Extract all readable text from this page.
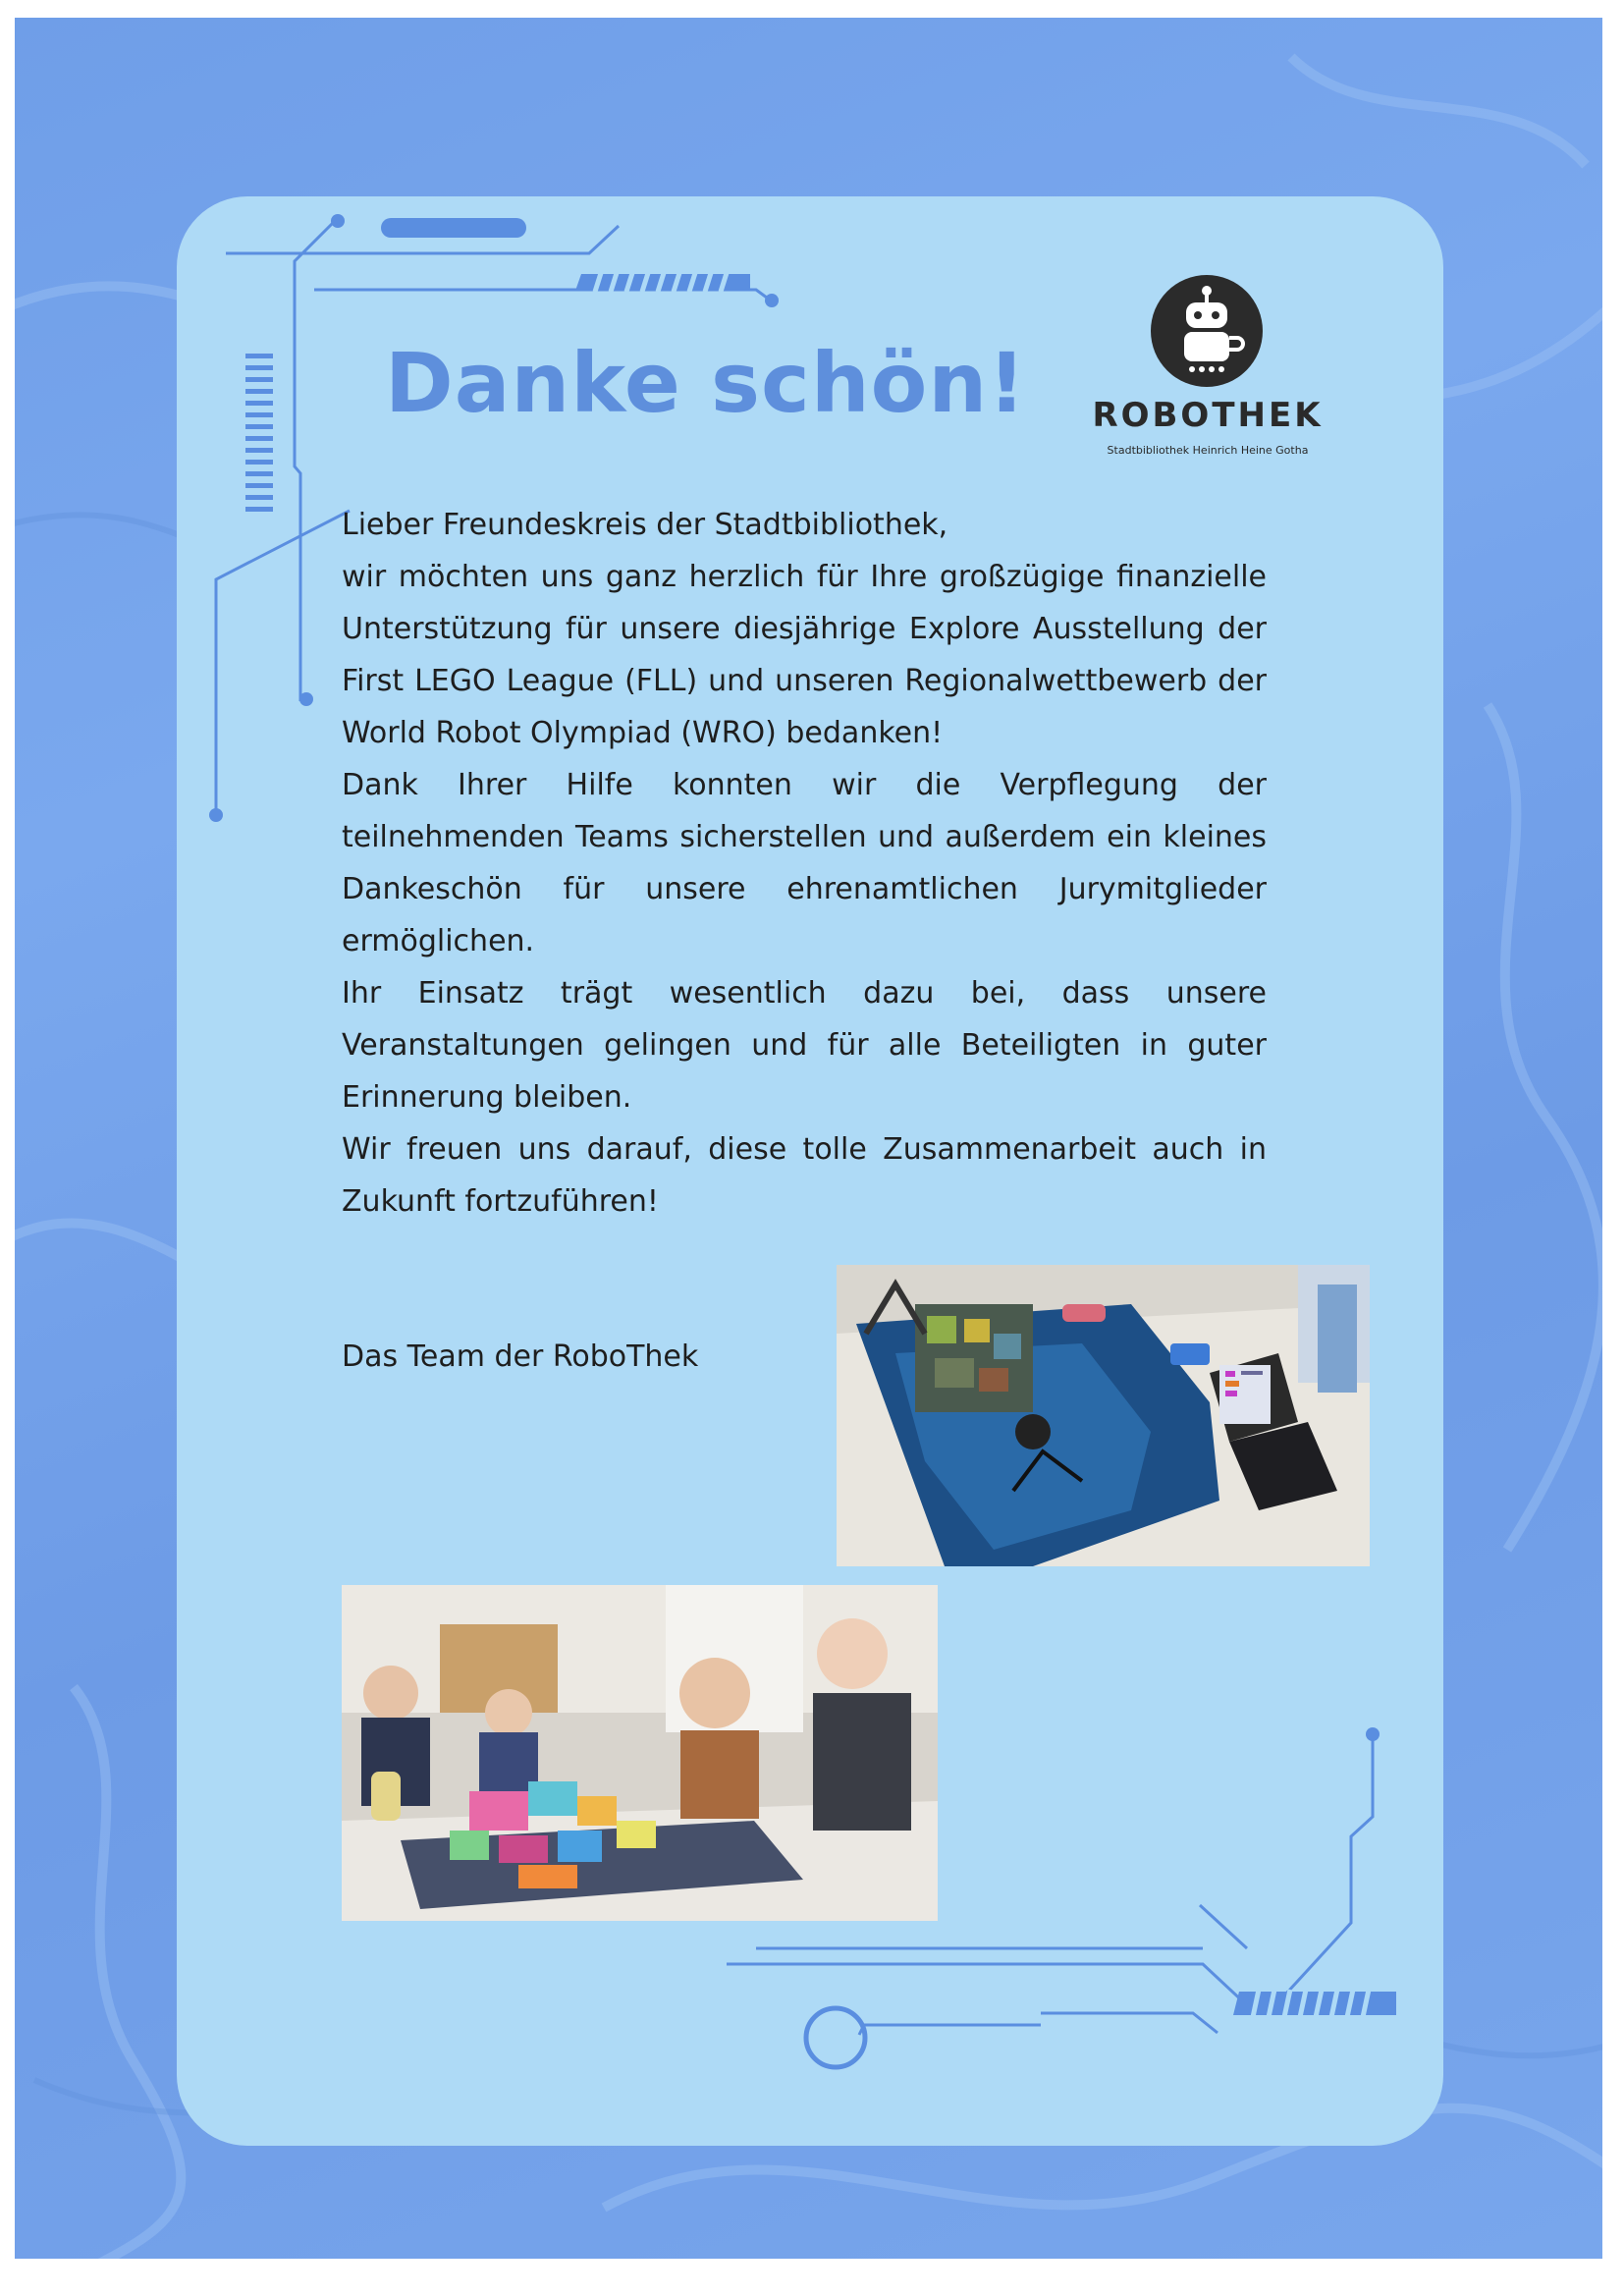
Danke schön!	ROBOTHEK
Stadtbibliothek Heinrich Heine Gotha

Lieber Freundeskreis der Stadtbibliothek,

wir möchten uns ganz herzlich für Ihre großzügige finanzielle Unterstützung für unsere diesjährige Explore Ausstellung der First LEGO League (FLL) und unseren Regionalwettbewerb der World Robot Olympiad (WRO) bedanken!

Dank Ihrer Hilfe konnten wir die Verpflegung der teilnehmenden Teams sicherstellen und außerdem ein kleines Dankeschön für unsere ehrenamtlichen Jurymitglieder ermöglichen.

Ihr Einsatz trägt wesentlich dazu bei, dass unsere Veranstaltungen gelingen und für alle Beteiligten in guter Erinnerung bleiben.

Wir freuen uns darauf, diese tolle Zusammenarbeit auch in Zukunft fortzuführen!

Das Team der RoboThek
